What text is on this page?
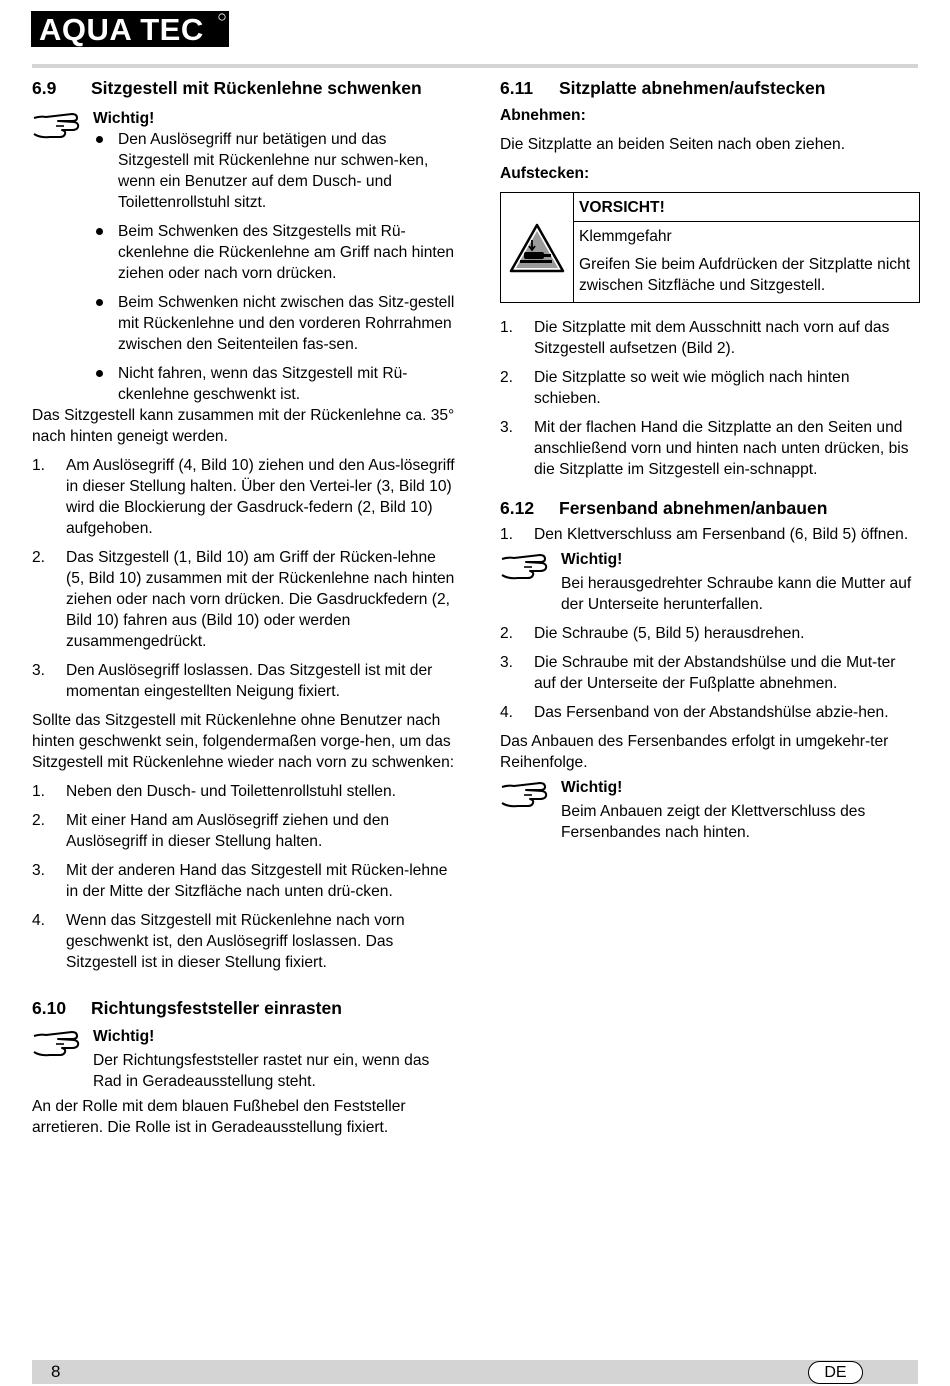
AQUA TEC
6.9	Sitzgestell mit Rückenlehne schwenken
Wichtig!
Den Auslösegriff nur betätigen und das Sitzgestell mit Rückenlehne nur schwen-ken, wenn ein Benutzer auf dem Dusch- und Toilettenrollstuhl sitzt.
Beim Schwenken des Sitzgestells mit Rü-ckenlehne die Rückenlehne am Griff nach hinten ziehen oder nach vorn drücken.
Beim Schwenken nicht zwischen das Sitz-gestell mit Rückenlehne und den vorderen Rohrrahmen zwischen den Seitenteilen fas-sen.
Nicht fahren, wenn das Sitzgestell mit Rü-ckenlehne geschwenkt ist.

Das Sitzgestell kann zusammen mit der Rückenlehne ca. 35° nach hinten geneigt werden.

1. Am Auslösegriff (4, Bild 10) ziehen und den Aus-lösegriff in dieser Stellung halten. Über den Vertei-ler (3, Bild 10) wird die Blockierung der Gasdruck-federn (2, Bild 10) aufgehoben.
2. Das Sitzgestell (1, Bild 10) am Griff der Rücken-lehne (5, Bild 10) zusammen mit der Rückenlehne nach hinten ziehen oder nach vorn drücken. Die Gasdruckfedern (2, Bild 10) fahren aus (Bild 10) oder werden zusammengedrückt.
3. Den Auslösegriff loslassen. Das Sitzgestell ist mit der momentan eingestellten Neigung fixiert.

Sollte das Sitzgestell mit Rückenlehne ohne Benutzer nach hinten geschwenkt sein, folgendermaßen vorge-hen, um das Sitzgestell mit Rückenlehne wieder nach vorn zu schwenken:

1. Neben den Dusch- und Toilettenrollstuhl stellen.
2. Mit einer Hand am Auslösegriff ziehen und den Auslösegriff in dieser Stellung halten.
3. Mit der anderen Hand das Sitzgestell mit Rücken-lehne in der Mitte der Sitzfläche nach unten drü-cken.
4. Wenn das Sitzgestell mit Rückenlehne nach vorn geschwenkt ist, den Auslösegriff loslassen. Das Sitzgestell ist in dieser Stellung fixiert.
6.10	Richtungsfeststeller einrasten
Wichtig!
Der Richtungsfeststeller rastet nur ein, wenn das Rad in Geradeausstellung steht.

An der Rolle mit dem blauen Fußhebel den Feststeller arretieren. Die Rolle ist in Geradeausstellung fixiert.

6.11	Sitzplatte abnehmen/aufstecken

Abnehmen:

Die Sitzplatte an beiden Seiten nach oben ziehen.

Aufstecken:

VORSICHT!
Klemmgefahr
Greifen Sie beim Aufdrücken der Sitzplatte nicht zwischen Sitzfläche und Sitzgestell.
1. Die Sitzplatte mit dem Ausschnitt nach vorn auf das Sitzgestell aufsetzen (Bild 2).
2. Die Sitzplatte so weit wie möglich nach hinten schieben.
3. Mit der flachen Hand die Sitzplatte an den Seiten und anschließend vorn und hinten nach unten drücken, bis die Sitzplatte im Sitzgestell ein-schnappt.
6.12	Fersenband abnehmen/anbauen
1. Den Klettverschluss am Fersenband (6, Bild 5) öffnen.
Wichtig!
Bei herausgedrehter Schraube kann die Mutter auf der Unterseite herunterfallen.
2. Die Schraube (5, Bild 5) herausdrehen.
3. Die Schraube mit der Abstandshülse und die Mut-ter auf der Unterseite der Fußplatte abnehmen.
4. Das Fersenband von der Abstandshülse abzie-hen.

Das Anbauen des Fersenbandes erfolgt in umgekehr-ter Reihenfolge.

Wichtig!
Beim Anbauen zeigt der Klettverschluss des Fersenbandes nach hinten.
8	DE
